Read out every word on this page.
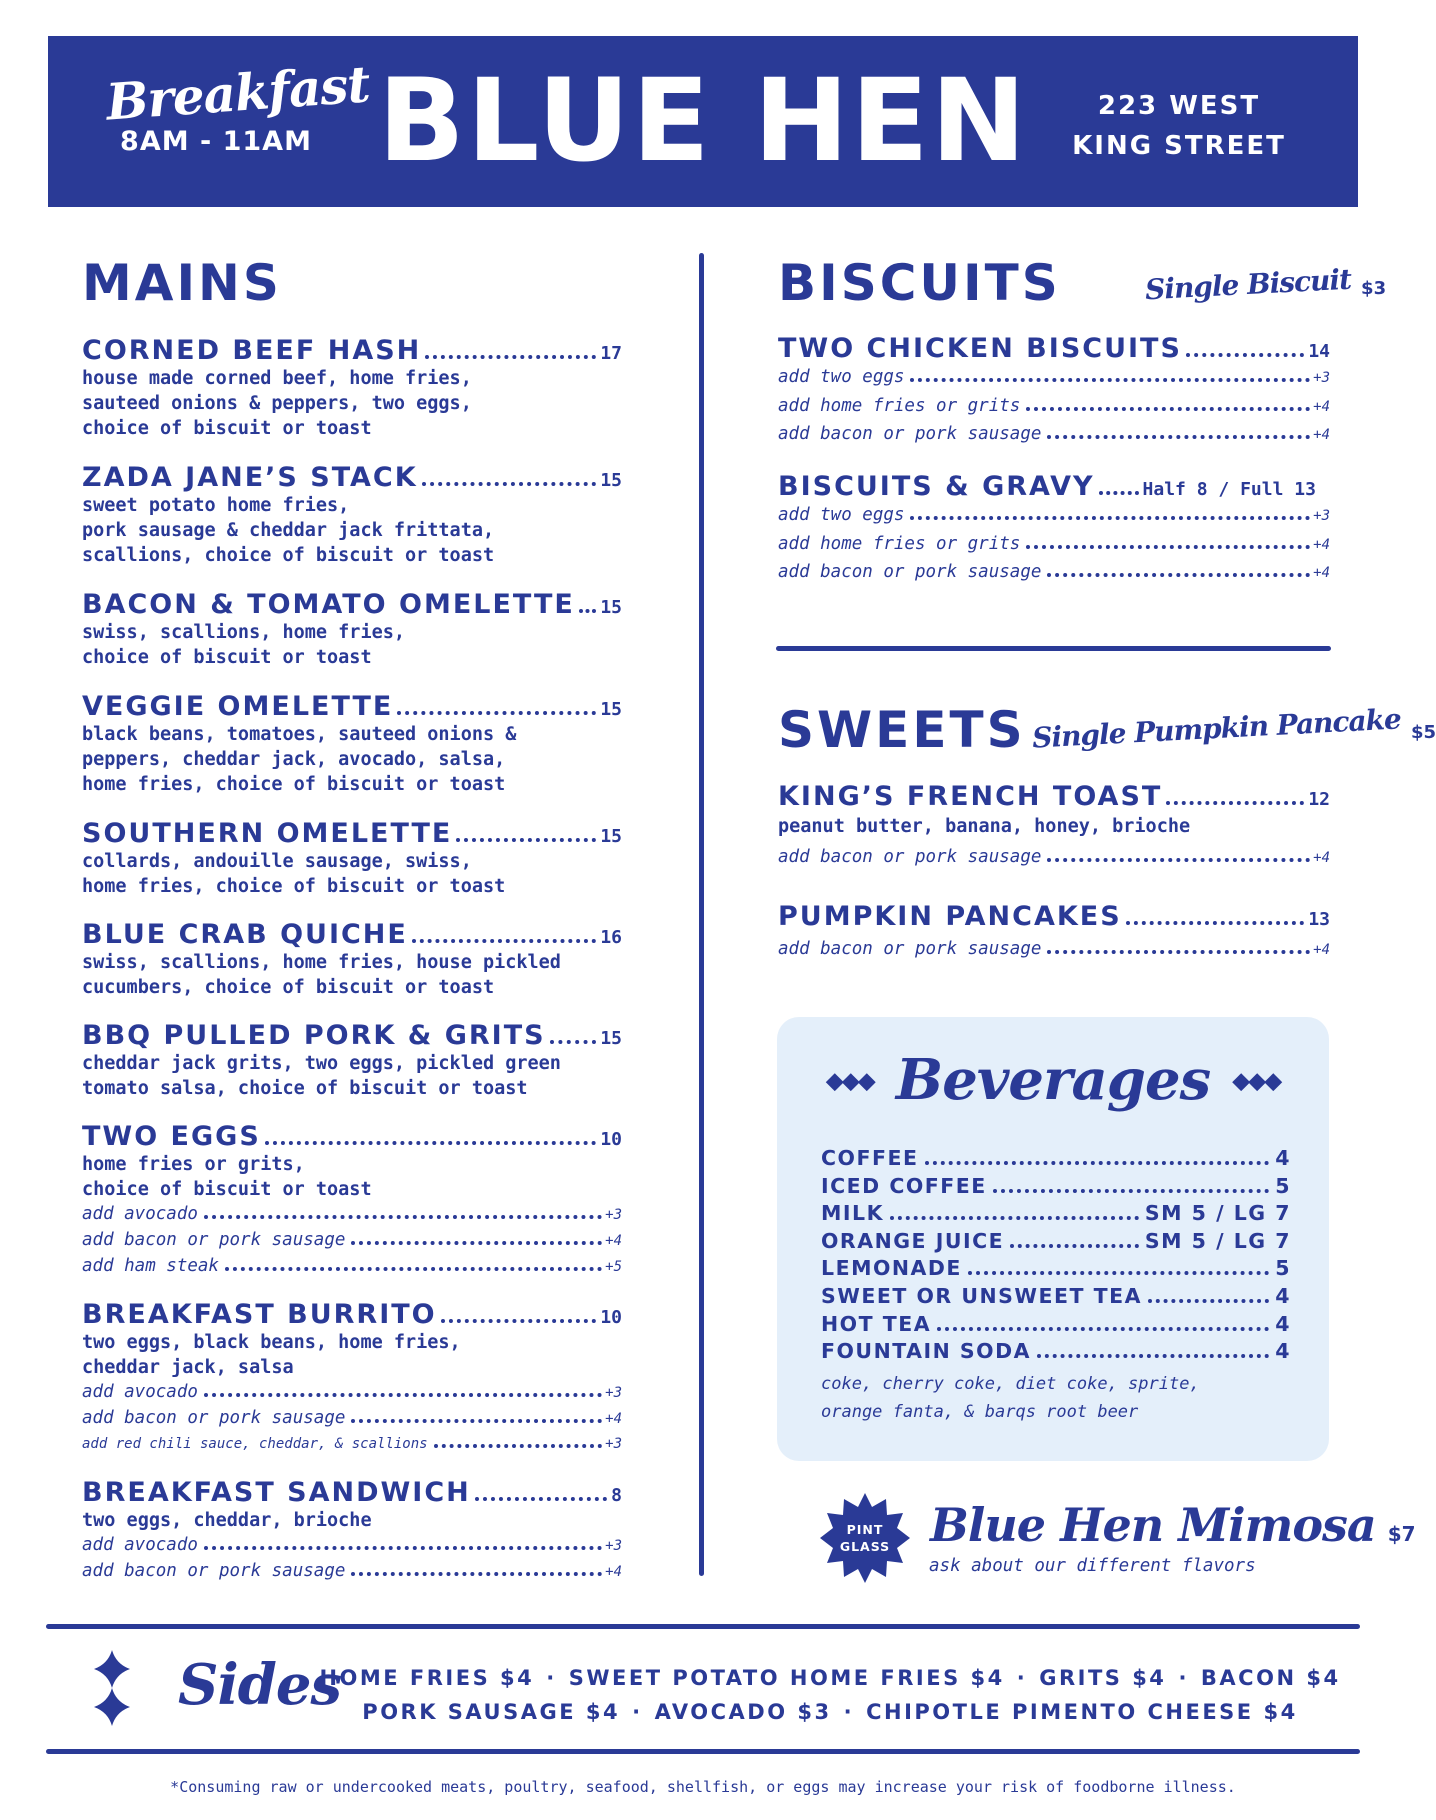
Breakfast
8AM - 11AM BLUE HEN	223 WEST
KING STREET
MAINS
CORNED BEEF HASH	17
house made corned beef, home fries,
sauteed onions & peppers, two eggs,
choice of biscuit or toast
ZADA JANE’S STACK	15
sweet potato home fries,
pork sausage & cheddar jack frittata,
scallions, choice of biscuit or toast
BACON & TOMATO OMELETTE 15
swiss, scallions, home fries,
choice of biscuit or toast
VEGGIE OMELETTE	15
black beans, tomatoes, sauteed onions &
peppers, cheddar jack, avocado, salsa,
home fries, choice of biscuit or toast
SOUTHERN OMELETTE	15
collards, andouille sausage, swiss,
home fries, choice of biscuit or toast
BLUE CRAB QUICHE	16
swiss, scallions, home fries, house pickled
cucumbers, choice of biscuit or toast
BBQ PULLED PORK & GRITS	15
cheddar jack grits, two eggs, pickled green
tomato salsa, choice of biscuit or toast
TWO EGGS	10
home fries or grits,
choice of biscuit or toast
add avocado	+3
add bacon or pork sausage	+4
add ham steak	+5
BREAKFAST BURRITO	10
two eggs, black beans, home fries,
cheddar jack, salsa
add avocado	+3
add bacon or pork sausage	+4
add red chili sauce, cheddar, & scallions	+3
BREAKFAST SANDWICH	8
two eggs, cheddar, brioche
add avocado	+3
add bacon or pork sausage	+4
BISCUITS	Single Biscuit $3
TWO CHICKEN BISCUITS	14
add two eggs	+3
add home fries or grits	+4
add bacon or pork sausage	+4
BISCUITS & GRAVY	Half 8 / Full 13
add two eggs	+3
add home fries or grits	+4
add bacon or pork sausage	+4
SWEETS Single Pumpkin Pancake $5
KING’S FRENCH TOAST	12
peanut butter, banana, honey, brioche
add bacon or pork sausage	+4
PUMPKIN PANCAKES	13
add bacon or pork sausage	+4
◆◆◆ Beverages ◆◆◆
COFFEE	4
ICED COFFEE	5
MILK	SM 5 / LG 7
ORANGE JUICE	SM 5 / LG 7
LEMONADE	5
SWEET OR UNSWEET TEA	4
HOT TEA	4
FOUNTAIN SODA	4
coke, cherry coke, diet coke, sprite,
orange fanta, & barqs root beer
PINT
GLASS Blue Hen Mimosa $7
ask about our different flavors
Sides
HOME FRIES $4 · SWEET POTATO HOME FRIES $4 · GRITS $4 · BACON $4
PORK SAUSAGE $4 · AVOCADO $3 · CHIPOTLE PIMENTO CHEESE $4
*Consuming raw or undercooked meats, poultry, seafood, shellfish, or eggs may increase your risk of foodborne illness.
